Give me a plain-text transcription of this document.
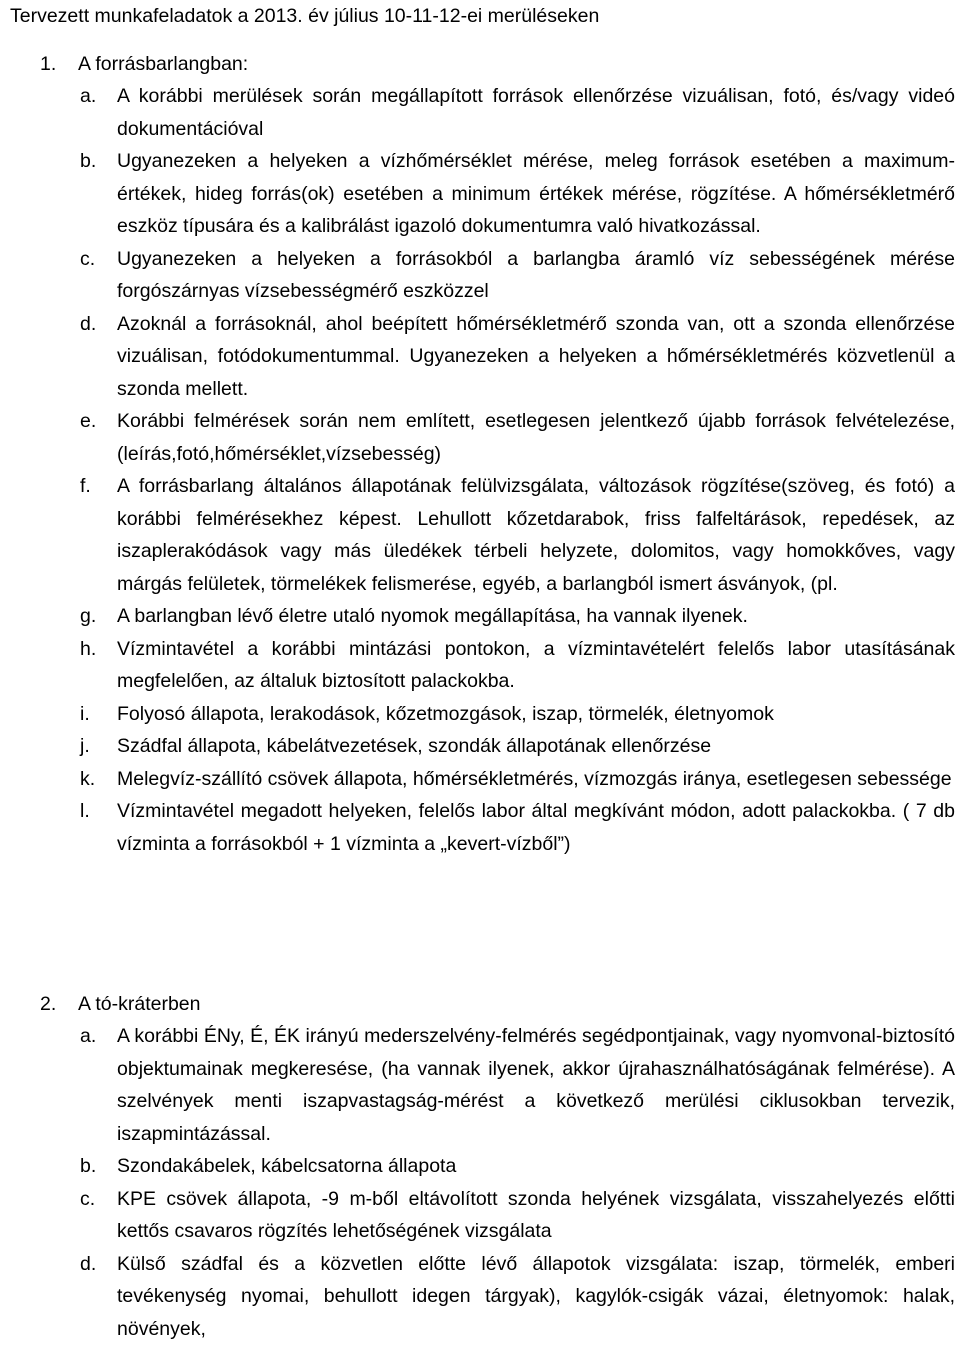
Tervezett munkafeladatok a 2013. év július 10-11-12-ei merüléseken
1. A forrásbarlangban:
a. A korábbi merülések során megállapított források ellenőrzése vizuálisan, fotó, és/vagy videó dokumentációval
b. Ugyanezeken a helyeken a vízhőmérséklet mérése, meleg források esetében a maximum-értékek, hideg forrás(ok) esetében a minimum értékek mérése, rögzítése. A hőmérsékletmérő eszköz típusára és a kalibrálást igazoló dokumentumra való hivatkozással.
c. Ugyanezeken a helyeken a forrásokból a barlangba áramló víz sebességének mérése forgószárnyas vízsebességmérő eszközzel
d. Azoknál a forrásoknál, ahol beépített hőmérsékletmérő szonda van, ott a szonda ellenőrzése vizuálisan, fotódokumentummal. Ugyanezeken a helyeken a hőmérsékletmérés közvetlenül a szonda mellett.
e. Korábbi felmérések során nem említett, esetlegesen jelentkező újabb források felvételezése,(leírás,fotó,hőmérséklet,vízsebesség)
f. A forrásbarlang általános állapotának felülvizsgálata, változások rögzítése(szöveg, és fotó) a korábbi felmérésekhez képest. Lehullott kőzetdarabok, friss falfeltárások, repedések, az iszaplerakódások vagy más üledékek térbeli helyzete, dolomitos, vagy homokkőves, vagy márgás felületek, törmelékek felismerése, egyéb, a barlangból ismert ásványok, (pl.
g. A barlangban lévő életre utaló nyomok megállapítása, ha vannak ilyenek.
h. Vízmintavétel a korábbi mintázási pontokon, a vízmintavételért felelős labor utasításának megfelelően, az általuk biztosított palackokba.
i. Folyosó állapota, lerakodások, kőzetmozgások, iszap, törmelék, életnyomok
j. Szádfal állapota, kábelátvezetések, szondák állapotának ellenőrzése
k. Melegvíz-szállító csövek állapota, hőmérsékletmérés, vízmozgás iránya, esetlegesen sebessége
l. Vízmintavétel megadott helyeken, felelős labor által megkívánt módon, adott palackokba. ( 7 db vízminta a forrásokból + 1 vízminta a „kevert-vízből”)
2. A tó-kráterben
a. A korábbi ÉNy, É, ÉK irányú mederszelvény-felmérés segédpontjainak, vagy nyomvonal-biztosító objektumainak megkeresése, (ha vannak ilyenek, akkor újrahasználhatóságának felmérése). A szelvények menti iszapvastagság-mérést a következő merülési ciklusokban tervezik, iszapmintázással.
b. Szondakábelek, kábelcsatorna állapota
c. KPE csövek állapota, -9 m-ből eltávolított szonda helyének vizsgálata, visszahelyezés előtti kettős csavaros rögzítés lehetőségének vizsgálata
d. Külső szádfal és a közvetlen előtte lévő állapotok vizsgálata: iszap, törmelék, emberi tevékenység nyomai, behullott idegen tárgyak), kagylók-csigák vázai, életnyomok: halak, növények,
